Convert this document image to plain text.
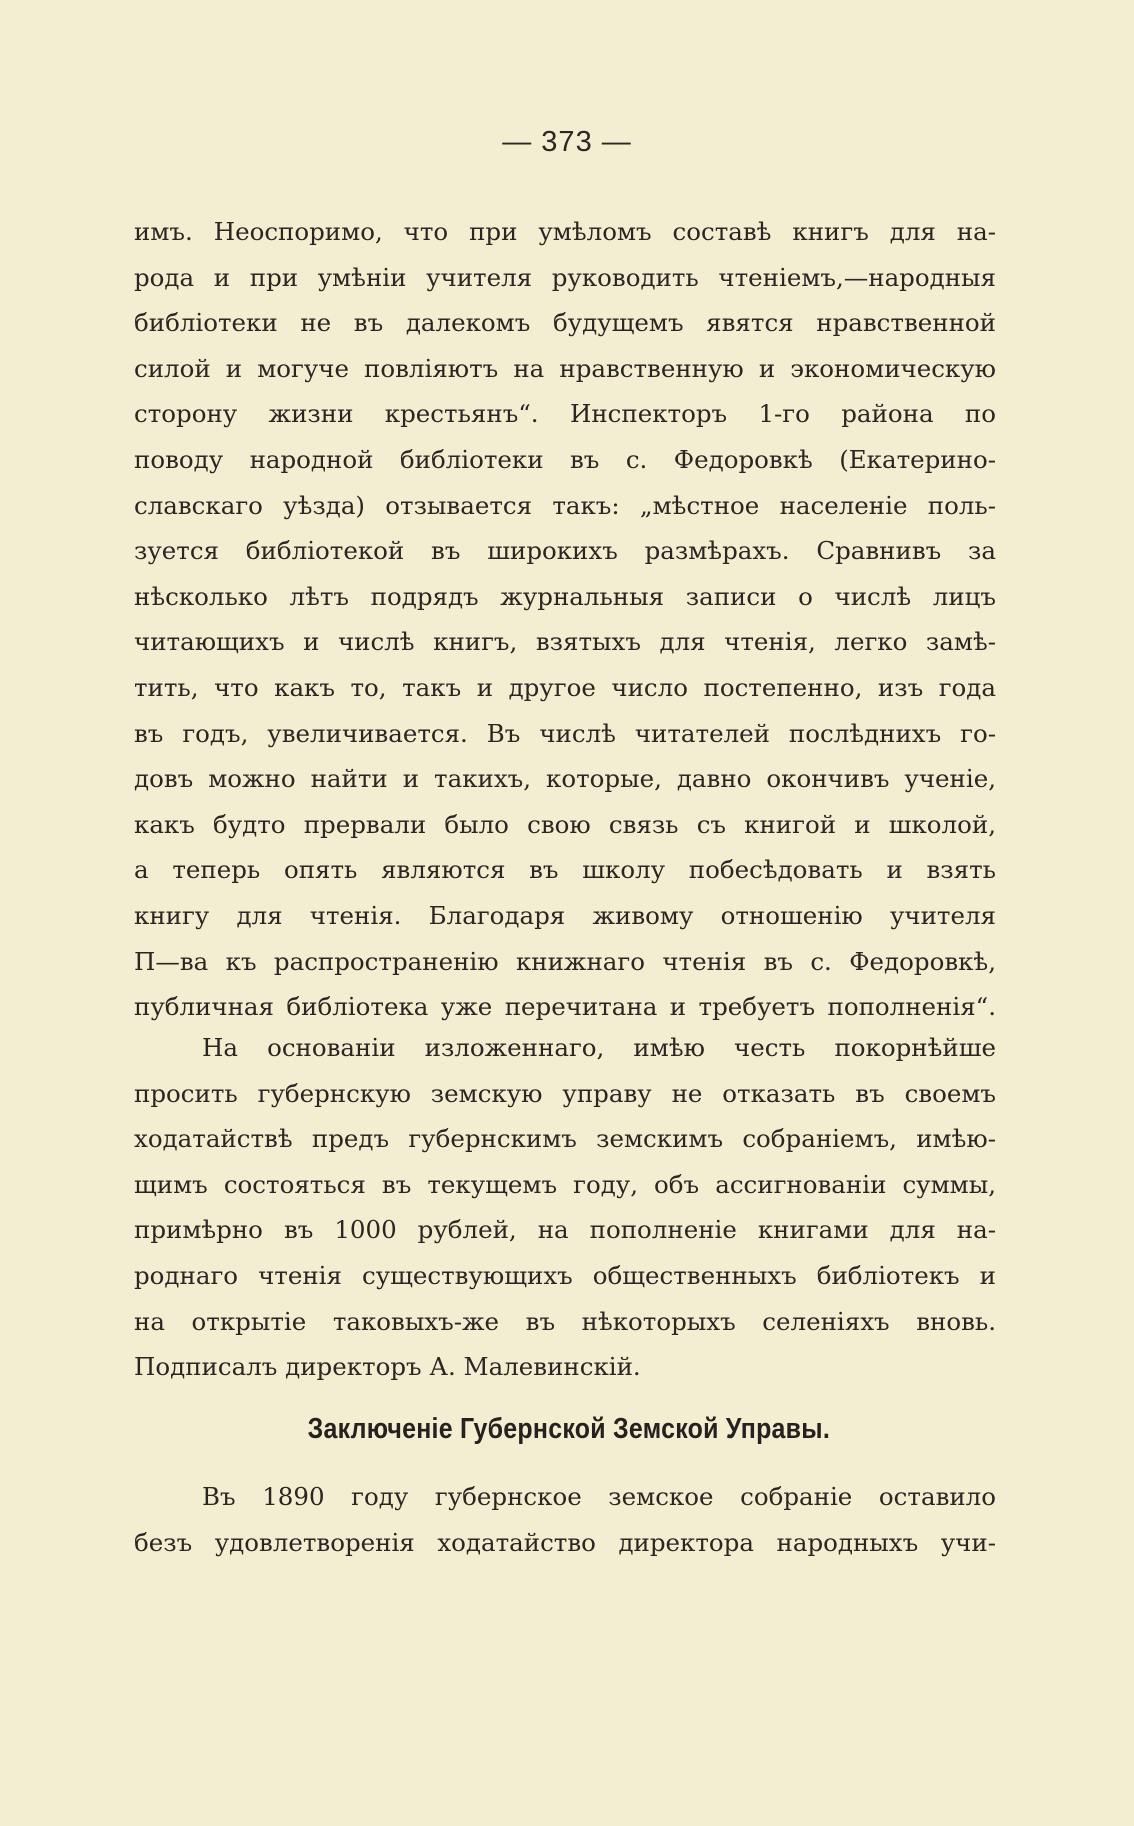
— 373 —
имъ. Неоспоримо, что при умѣломъ составѣ книгъ для на-
рода и при умѣніи учителя руководить чтеніемъ,—народныя
библіотеки не въ далекомъ будущемъ явятся нравственной
силой и могуче повліяютъ на нравственную и экономическую
сторону жизни крестьянъ“. Инспекторъ 1-го района по
поводу народной библіотеки въ с. Федоровкѣ (Екатерино-
славскаго уѣзда) отзывается такъ: „мѣстное населеніе поль-
зуется библіотекой въ широкихъ размѣрахъ. Сравнивъ за
нѣсколько лѣтъ подрядъ журнальныя записи о числѣ лицъ
читающихъ и числѣ книгъ, взятыхъ для чтенія, легко замѣ-
тить, что какъ то, такъ и другое число постепенно, изъ года
въ годъ, увеличивается. Въ числѣ читателей послѣднихъ го-
довъ можно найти и такихъ, которые, давно окончивъ ученіе,
какъ будто прервали было свою связь съ книгой и школой,
а теперь опять являются въ школу побесѣдовать и взять
книгу для чтенія. Благодаря живому отношенію учителя
П—ва къ распространенію книжнаго чтенія въ с. Федоровкѣ,
публичная библіотека уже перечитана и требуетъ пополненія“.
На основаніи изложеннаго, имѣю честь покорнѣйше
просить губернскую земскую управу не отказать въ своемъ
ходатайствѣ предъ губернскимъ земскимъ собраніемъ, имѣю-
щимъ состояться въ текущемъ году, объ ассигнованіи суммы,
примѣрно въ 1000 рублей, на пополненіе книгами для на-
роднаго чтенія существующихъ общественныхъ библіотекъ и
на открытіе таковыхъ-же въ нѣкоторыхъ селеніяхъ вновь.
Подписалъ директоръ А. Малевинскій.
Заключеніе Губернской Земской Управы.
Въ 1890 году губернское земское собраніе оставило
безъ удовлетворенія ходатайство директора народныхъ учи-
